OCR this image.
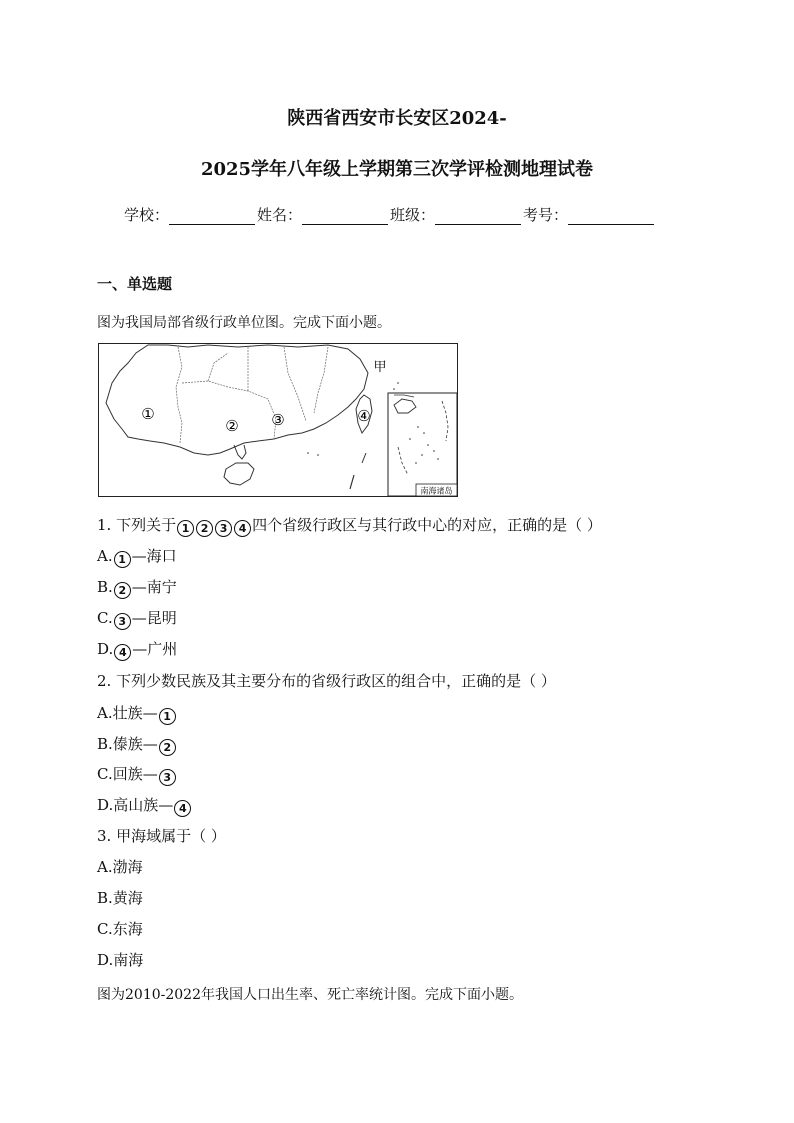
陕西省西安市长安区2024-
2025学年八年级上学期第三次学评检测地理试卷
学校：	姓名：	班级：	考号：
一、单选题
图为我国局部省级行政单位图。完成下面小题。
南海诸岛
①
② ③	④
甲
1. 下列关于 1 2 3 4 四个省级行政区与其行政中心的对应，正确的是（ ）
A. 1 —海口
B. 2 —南宁
C. 3 —昆明
D. 4 —广州
2. 下列少数民族及其主要分布的省级行政区的组合中，正确的是（ ）
A.壮族— 1
B.傣族— 2
C.回族— 3
D.高山族— 4
3. 甲海域属于（ ）
A.渤海
B.黄海
C.东海
D.南海
图为2010-2022年我国人口出生率、死亡率统计图。完成下面小题。
